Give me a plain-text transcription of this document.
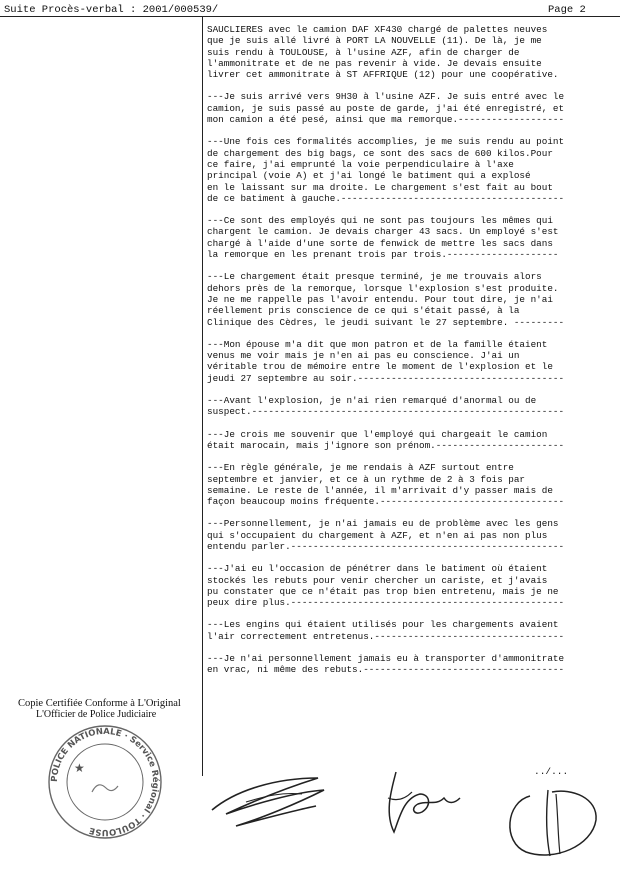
Suite Procès-verbal : 2001/000539/	Page 2

SAUCLIERES avec le camion DAF XF430 chargé de palettes neuves

que je suis allé livré à PORT LA NOUVELLE (11). De là, je me

suis rendu à TOULOUSE, à l'usine AZF, afin de charger de

l'ammonitrate et de ne pas revenir à vide. Je devais ensuite

livrer cet ammonitrate à ST AFFRIQUE (12) pour une coopérative.

---Je suis arrivé vers 9H30 à l'usine AZF. Je suis entré avec le

camion, je suis passé au poste de garde, j'ai été enregistré, et

mon camion a été pesé, ainsi que ma remorque.-------------------

---Une fois ces formalités accomplies, je me suis rendu au point

de chargement des big bags, ce sont des sacs de 600 kilos.Pour

ce faire, j'ai emprunté la voie perpendiculaire à l'axe

principal (voie A) et j'ai longé le batiment qui a explosé

en le laissant sur ma droite. Le chargement s'est fait au bout

de ce batiment à gauche.----------------------------------------

---Ce sont des employés qui ne sont pas toujours les mêmes qui

chargent le camion. Je devais charger 43 sacs. Un employé s'est

chargé à l'aide d'une sorte de fenwick de mettre les sacs dans

la remorque en les prenant trois par trois.--------------------

---Le chargement était presque terminé, je me trouvais alors

dehors près de la remorque, lorsque l'explosion s'est produite.

Je ne me rappelle pas l'avoir entendu. Pour tout dire, je n'ai

réellement pris conscience de ce qui s'était passé, à la

Clinique des Cèdres, le jeudi suivant le 27 septembre. ---------

---Mon épouse m'a dit que mon patron et de la famille étaient

venus me voir mais je n'en ai pas eu conscience. J'ai un

véritable trou de mémoire entre le moment de l'explosion et le

jeudi 27 septembre au soir.-------------------------------------

---Avant l'explosion, je n'ai rien remarqué d'anormal ou de

suspect.--------------------------------------------------------

---Je crois me souvenir que l'employé qui chargeait le camion

était marocain, mais j'ignore son prénom.-----------------------

---En règle générale, je me rendais à AZF surtout entre

septembre et janvier, et ce à un rythme de 2 à 3 fois par

semaine. Le reste de l'année, il m'arrivait d'y passer mais de

façon beaucoup moins fréquente.---------------------------------

---Personnellement, je n'ai jamais eu de problème avec les gens

qui s'occupaient du chargement à AZF, et n'en ai pas non plus

entendu parler.-------------------------------------------------

---J'ai eu l'occasion de pénétrer dans le batiment où étaient

stockés les rebuts pour venir chercher un cariste, et j'avais

pu constater que ce n'était pas trop bien entretenu, mais je ne

peux dire plus.-------------------------------------------------

---Les engins qui étaient utilisés pour les chargements avaient

l'air correctement entretenus.----------------------------------

---Je n'ai personnellement jamais eu à transporter d'ammonitrate

en vrac, ni même des rebuts.------------------------------------

Copie Certifiée Conforme à L'Original
L'Officier de Police Judiciaire
POLICE NATIONALE · Service Régional · TOULOUSE
★	../...
